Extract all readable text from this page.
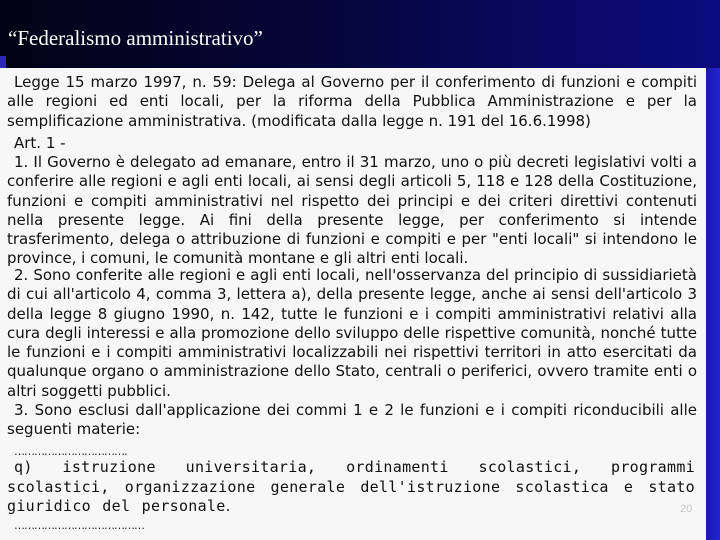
“Federalismo amministrativo”

Legge 15 marzo 1997, n. 59: Delega al Governo per il conferimento di funzioni e compiti alle regioni ed enti locali, per la riforma della Pubblica Amministrazione e per la semplificazione amministrativa. (modificata dalla legge n. 191 del 16.6.1998)

Art. 1 -

1. Il Governo è delegato ad emanare, entro il 31 marzo, uno o più decreti legislativi volti a conferire alle regioni e agli enti locali, ai sensi degli articoli 5, 118 e 128 della Costituzione, funzioni e compiti amministrativi nel rispetto dei principi e dei criteri direttivi contenuti nella presente legge. Ai fini della presente legge, per conferimento si intende trasferimento, delega o attribuzione di funzioni e compiti e per "enti locali" si intendono le province, i comuni, le comunità montane e gli altri enti locali.

2. Sono conferite alle regioni e agli enti locali, nell'osservanza del principio di sussidiarietà di cui all'articolo 4, comma 3, lettera a), della presente legge, anche ai sensi dell'articolo 3 della legge 8 giugno 1990, n. 142, tutte le funzioni e i compiti amministrativi relativi alla cura degli interessi e alla promozione dello sviluppo delle rispettive comunità, nonché tutte le funzioni e i compiti amministrativi localizzabili nei rispettivi territori in atto esercitati da qualunque organo o amministrazione dello Stato, centrali o periferici, ovvero tramite enti o altri soggetti pubblici.

3. Sono esclusi dall'applicazione dei commi 1 e 2 le funzioni e i compiti riconducibili alle seguenti materie:

…………………………….

q) istruzione universitaria, ordinamenti scolastici, programmi scolastici, organizzazione generale dell'istruzione scolastica e stato giuridico del personale.

…………………………………
20
